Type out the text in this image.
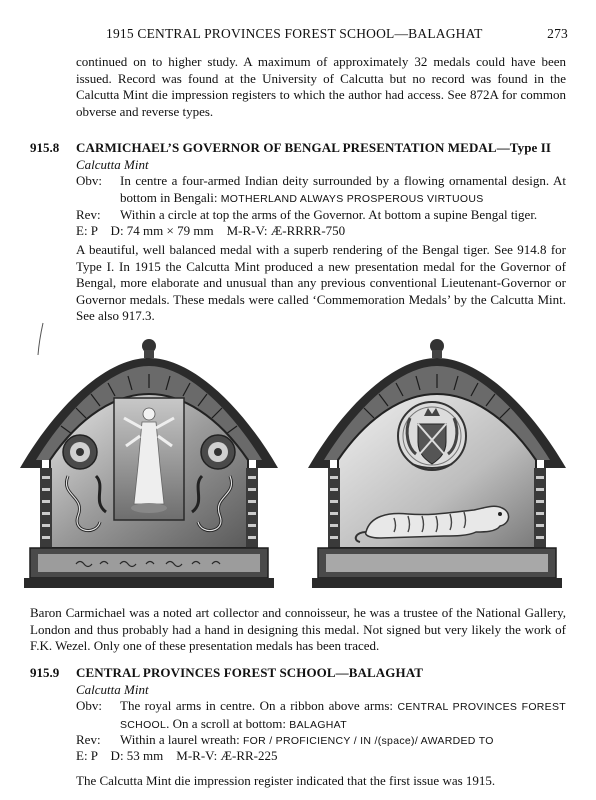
1915 CENTRAL PROVINCES FOREST SCHOOL—BALAGHAT	273

continued on to higher study. A maximum of approximately 32 medals could have been issued. Record was found at the University of Calcutta but no record was found in the Calcutta Mint die impression registers to which the author had access. See 872A for common obverse and reverse types.

915.8 CARMICHAEL’S GOVERNOR OF BENGAL PRESENTATION MEDAL—Type II
Calcutta Mint
Obv:	In centre a four-armed Indian deity surrounded by a flowing ornamental design. At bottom in Bengali: MOTHERLAND ALWAYS PROSPEROUS VIRTUOUS
Rev:	Within a circle at top the arms of the Governor. At bottom a supine Bengal tiger.
E: P    D: 74 mm × 79 mm    M-R-V: Æ-RRRR-750

A beautiful, well balanced medal with a superb rendering of the Bengal tiger. See 914.8 for Type I. In 1915 the Calcutta Mint produced a new presentation medal for the Governor of Bengal, more elaborate and unusual than any previous conventional Lieutenant-Governor or Governor medals. These medals were called ‘Commemoration Medals’ by the Calcutta Mint. See also 917.3.

Baron Carmichael was a noted art collector and connoisseur, he was a trustee of the National Gallery, London and thus probably had a hand in designing this medal. Not signed but very likely the work of F.K. Wezel. Only one of these presentation medals has been traced.

915.9 CENTRAL PROVINCES FOREST SCHOOL—BALAGHAT
Calcutta Mint
Obv:	The royal arms in centre. On a ribbon above arms: CENTRAL PROVINCES FOREST SCHOOL. On a scroll at bottom: BALAGHAT
Rev:	Within a laurel wreath: FOR / PROFICIENCY / IN /(space)/ AWARDED TO
E: P    D: 53 mm    M-R-V: Æ-RR-225
The Calcutta Mint die impression register indicated that the first issue was 1915.
